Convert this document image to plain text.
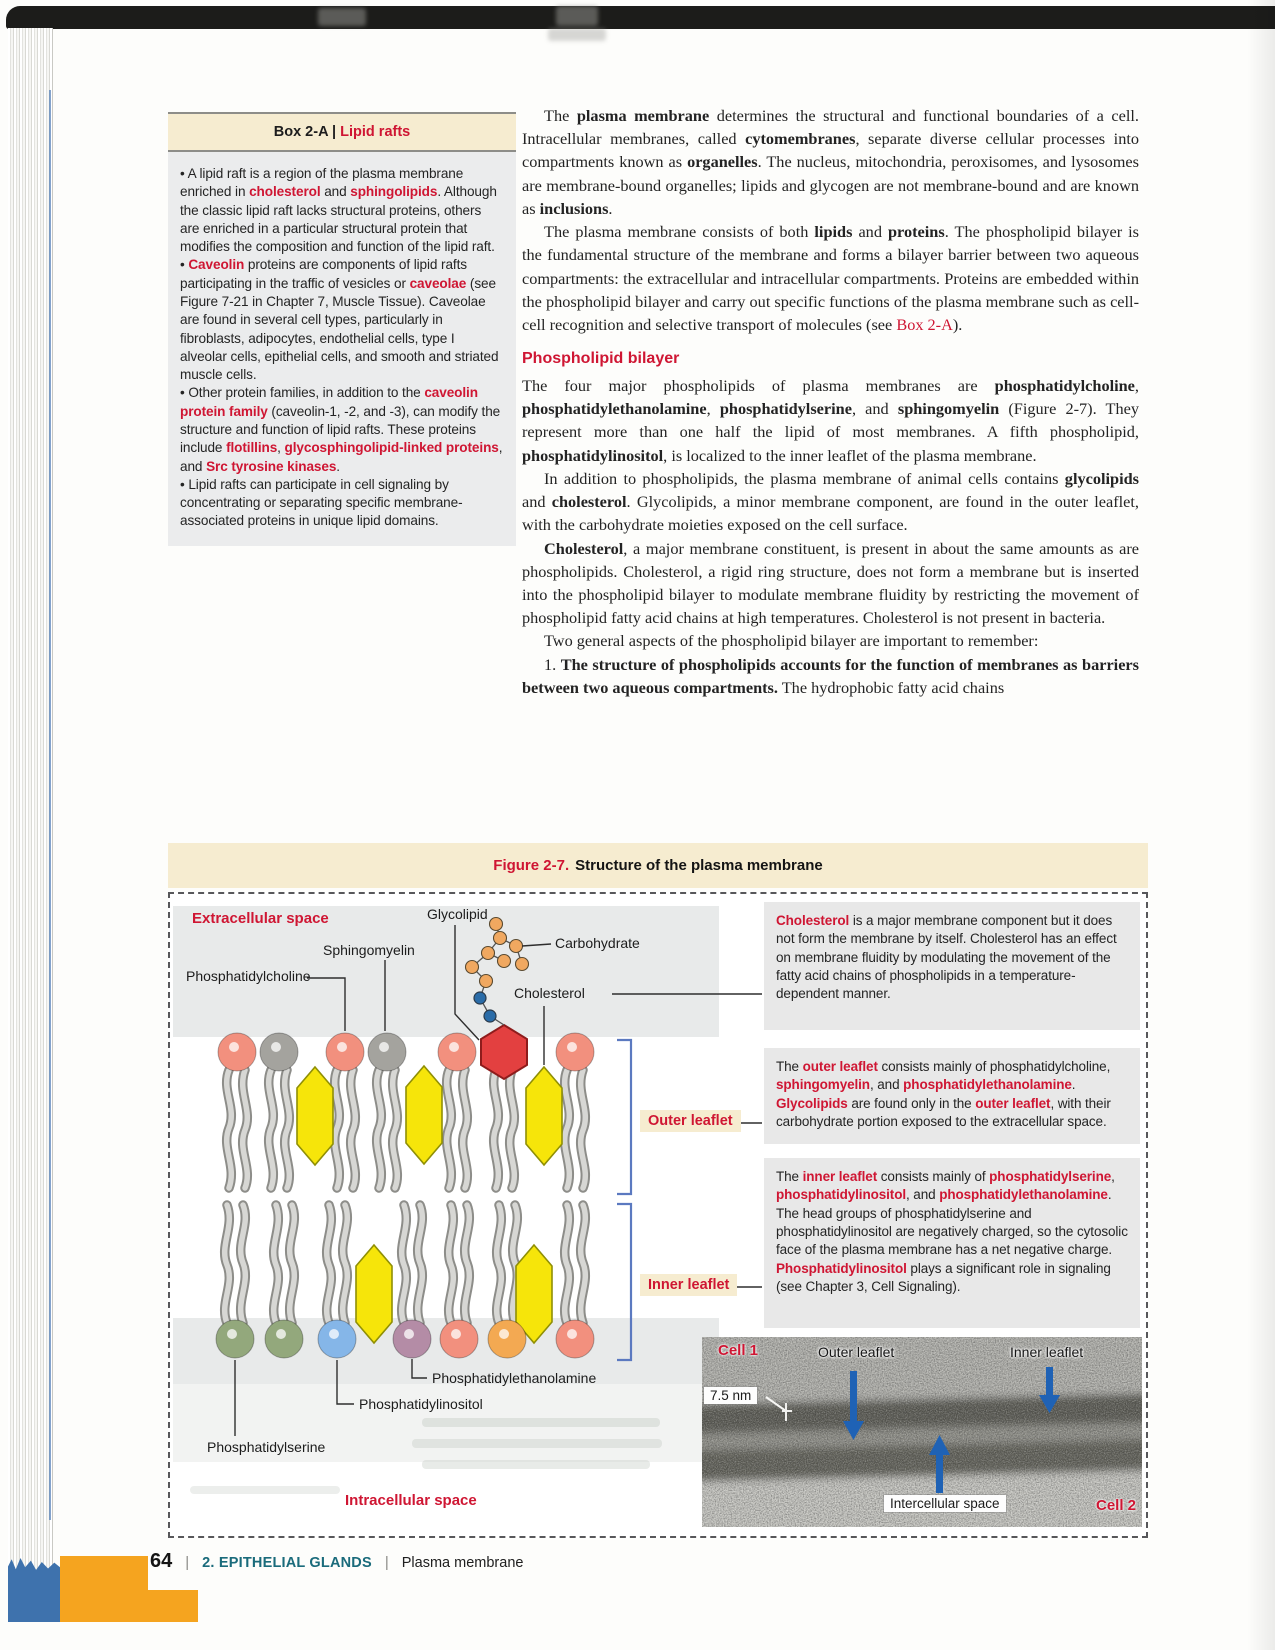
Box 2-A | Lipid rafts

• A lipid raft is a region of the plasma membrane enriched in cholesterol and sphingolipids. Although the classic lipid raft lacks structural proteins, others are enriched in a particular structural protein that modifies the composition and function of the lipid raft.

• Caveolin proteins are components of lipid rafts participating in the traffic of vesicles or caveolae (see Figure 7-21 in Chapter 7, Muscle Tissue). Caveolae are found in several cell types, particularly in fibroblasts, adipocytes, endothelial cells, type I alveolar cells, epithelial cells, and smooth and striated muscle cells.

• Other protein families, in addition to the caveolin protein family (caveolin-1, -2, and -3), can modify the structure and function of lipid rafts. These proteins include flotillins, glycosphingolipid-linked proteins, and Src tyrosine kinases.

• Lipid rafts can participate in cell signaling by concentrating or separating specific membrane-associated proteins in unique lipid domains.

The plasma membrane determines the structural and functional boundaries of a cell. Intracellular membranes, called cytomembranes, separate diverse cellular processes into compartments known as organelles. The nucleus, mitochondria, peroxisomes, and lysosomes are membrane-bound organelles; lipids and glycogen are not membrane-bound and are known as inclusions.

The plasma membrane consists of both lipids and proteins. The phospholipid bilayer is the fundamental structure of the membrane and forms a bilayer barrier between two aqueous compartments: the extracellular and intracellular compartments. Proteins are embedded within the phospholipid bilayer and carry out specific functions of the plasma membrane such as cell-cell recognition and selective transport of molecules (see Box 2-A).

Phospholipid bilayer

The four major phospholipids of plasma membranes are phosphatidylcholine, phosphatidylethanolamine, phosphatidylserine, and sphingomyelin (Figure 2-7). They represent more than one half the lipid of most membranes. A fifth phospholipid, phosphatidylinositol, is localized to the inner leaflet of the plasma membrane.

In addition to phospholipids, the plasma membrane of animal cells contains glycolipids and cholesterol. Glycolipids, a minor membrane component, are found in the outer leaflet, with the carbohydrate moieties exposed on the cell surface.

Cholesterol, a major membrane constituent, is present in about the same amounts as are phospholipids. Cholesterol, a rigid ring structure, does not form a membrane but is inserted into the phospholipid bilayer to modulate membrane fluidity by restricting the movement of phospholipid fatty acid chains at high temperatures. Cholesterol is not present in bacteria.

Two general aspects of the phospholipid bilayer are important to remember:

1. The structure of phospholipids accounts for the function of membranes as barriers between two aqueous compartments. The hydrophobic fatty acid chains

Figure 2-7. Structure of the plasma membrane
Extracellular space	Glycolipid
Sphingomyelin
Phosphatidylcholine
Carbohydrate
Cholesterol
Outer leaflet
Inner leaflet
Phosphatidylethanolamine
Phosphatidylinositol
Phosphatidylserine
Intracellular space
Cholesterol is a major membrane component but it does not form the membrane by itself. Cholesterol has an effect on membrane fluidity by modulating the movement of the fatty acid chains of phospholipids in a temperature-dependent manner.
The outer leaflet consists mainly of phosphatidylcholine, sphingomyelin, and phosphatidylethanolamine. Glycolipids are found only in the outer leaflet, with their carbohydrate portion exposed to the extracellular space.
The inner leaflet consists mainly of phosphatidylserine, phosphatidylinositol, and phosphatidylethanolamine. The head groups of phosphatidylserine and phosphatidylinositol are negatively charged, so the cytosolic face of the plasma membrane has a net negative charge. Phosphatidylinositol plays a significant role in signaling (see Chapter 3, Cell Signaling).
Cell 1	Outer leaflet	Inner leaflet
7.5 nm
Intercellular space	Cell 2
64 | 2. EPITHELIAL GLANDS | Plasma membrane
